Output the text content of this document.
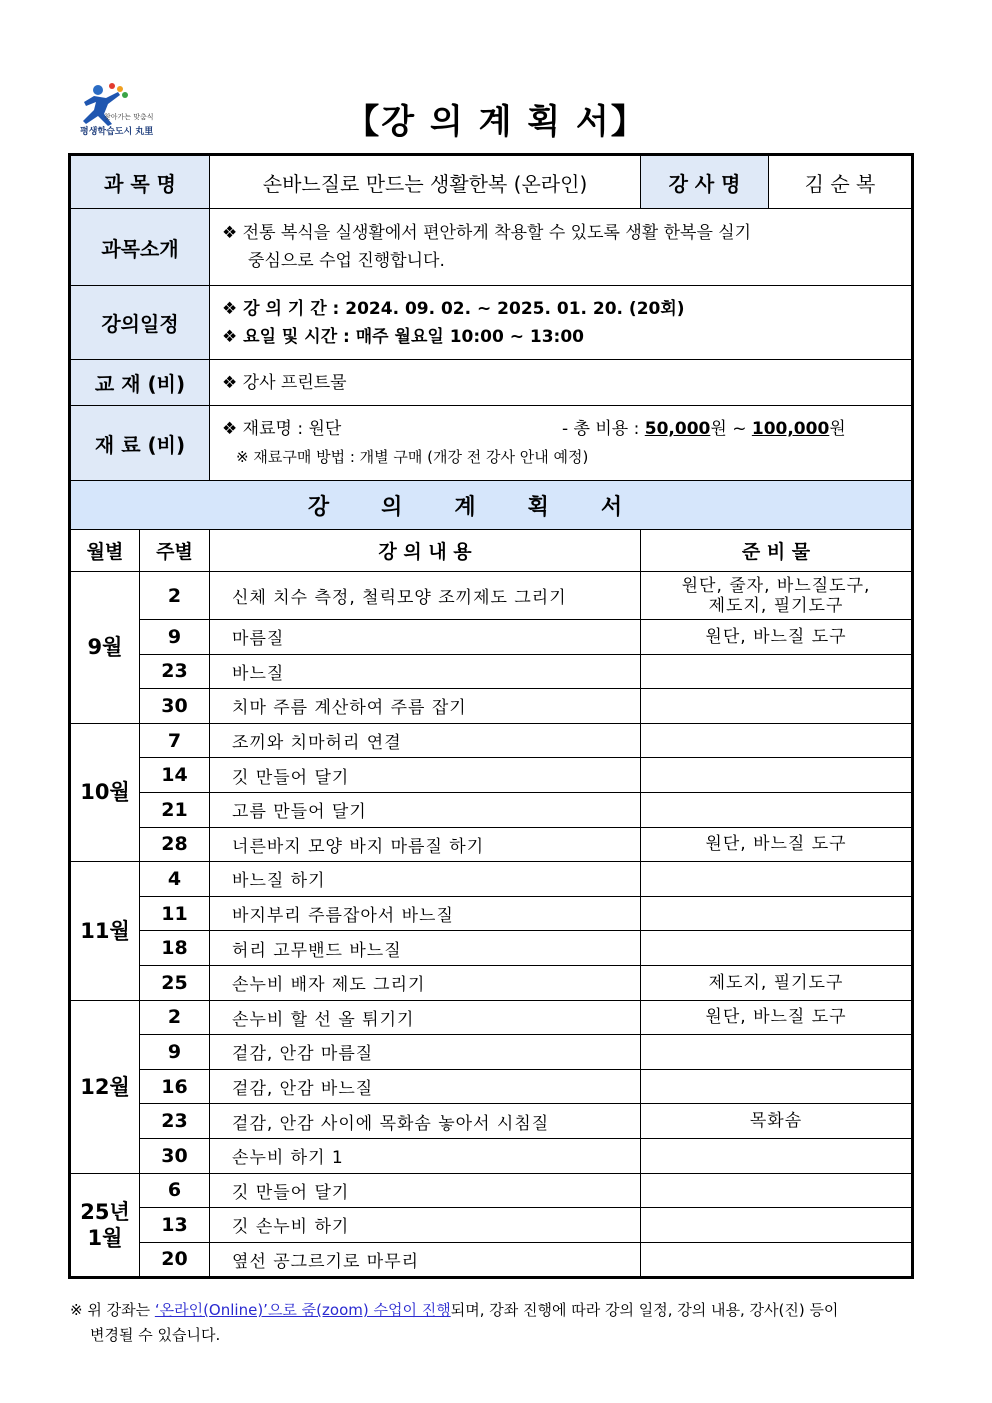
찾아가는 맞춤식
평생학습도시 丸里	【강 의 계 획 서】
과 목 명		손바느질로 만드는 생활한복 (온라인)	강 사 명	김 순 복
과목소개		❖ 전통 복식을 실생활에서 편안하게 착용할 수 있도록 생활 한복을 실기
중심으로 수업 진행합니다.		

강의일정		❖ 강 의 기 간 : 2024. 09. 02. ~ 2025. 01. 20. (20회)
❖ 요일 및 시간 : 매주 월요일 10:00 ~ 13:00		

교 재 (비)		❖ 강사 프린트물		
재 료 (비)		❖ 재료명 : 원단 - 총 비용 : 50,000원 ~ 100,000원
※ 재료구매 방법 : 개별 구매 (개강 전 강사 안내 예정)		

강의계획서				
월별	주별	강 의 내 용	준 비 물	
9월	2	신체 치수 측정, 철릭모양 조끼제도 그리기	원단, 줄자, 바느질도구,
제도지, 필기도구	
	9	마름질	원단, 바느질 도구	
	23	바느질		
	30	치마 주름 계산하여 주름 잡기		
10월	7	조끼와 치마허리 연결		
	14	깃 만들어 달기		
	21	고름 만들어 달기		
	28	너른바지 모양 바지 마름질 하기	원단, 바느질 도구	
11월	4	바느질 하기		
	11	바지부리 주름잡아서 바느질		
	18	허리 고무밴드 바느질		
	25	손누비 배자 제도 그리기	제도지, 필기도구	
12월	2	손누비 할 선 올 튀기기	원단, 바느질 도구	
	9	겉감, 안감 마름질		
	16	겉감, 안감 바느질		
	23	겉감, 안감 사이에 목화솜 놓아서 시침질	목화솜	
	30	손누비 하기 1		
25년
1월	6	깃 만들어 달기		
	13	깃 손누비 하기		
	20	옆선 공그르기로 마무리		
※ 위 강좌는 ‘온라인(Online)’으로 줌(zoom) 수업이 진행되며, 강좌 진행에 따라 강의 일정, 강의 내용, 강사(진) 등이
변경될 수 있습니다.
